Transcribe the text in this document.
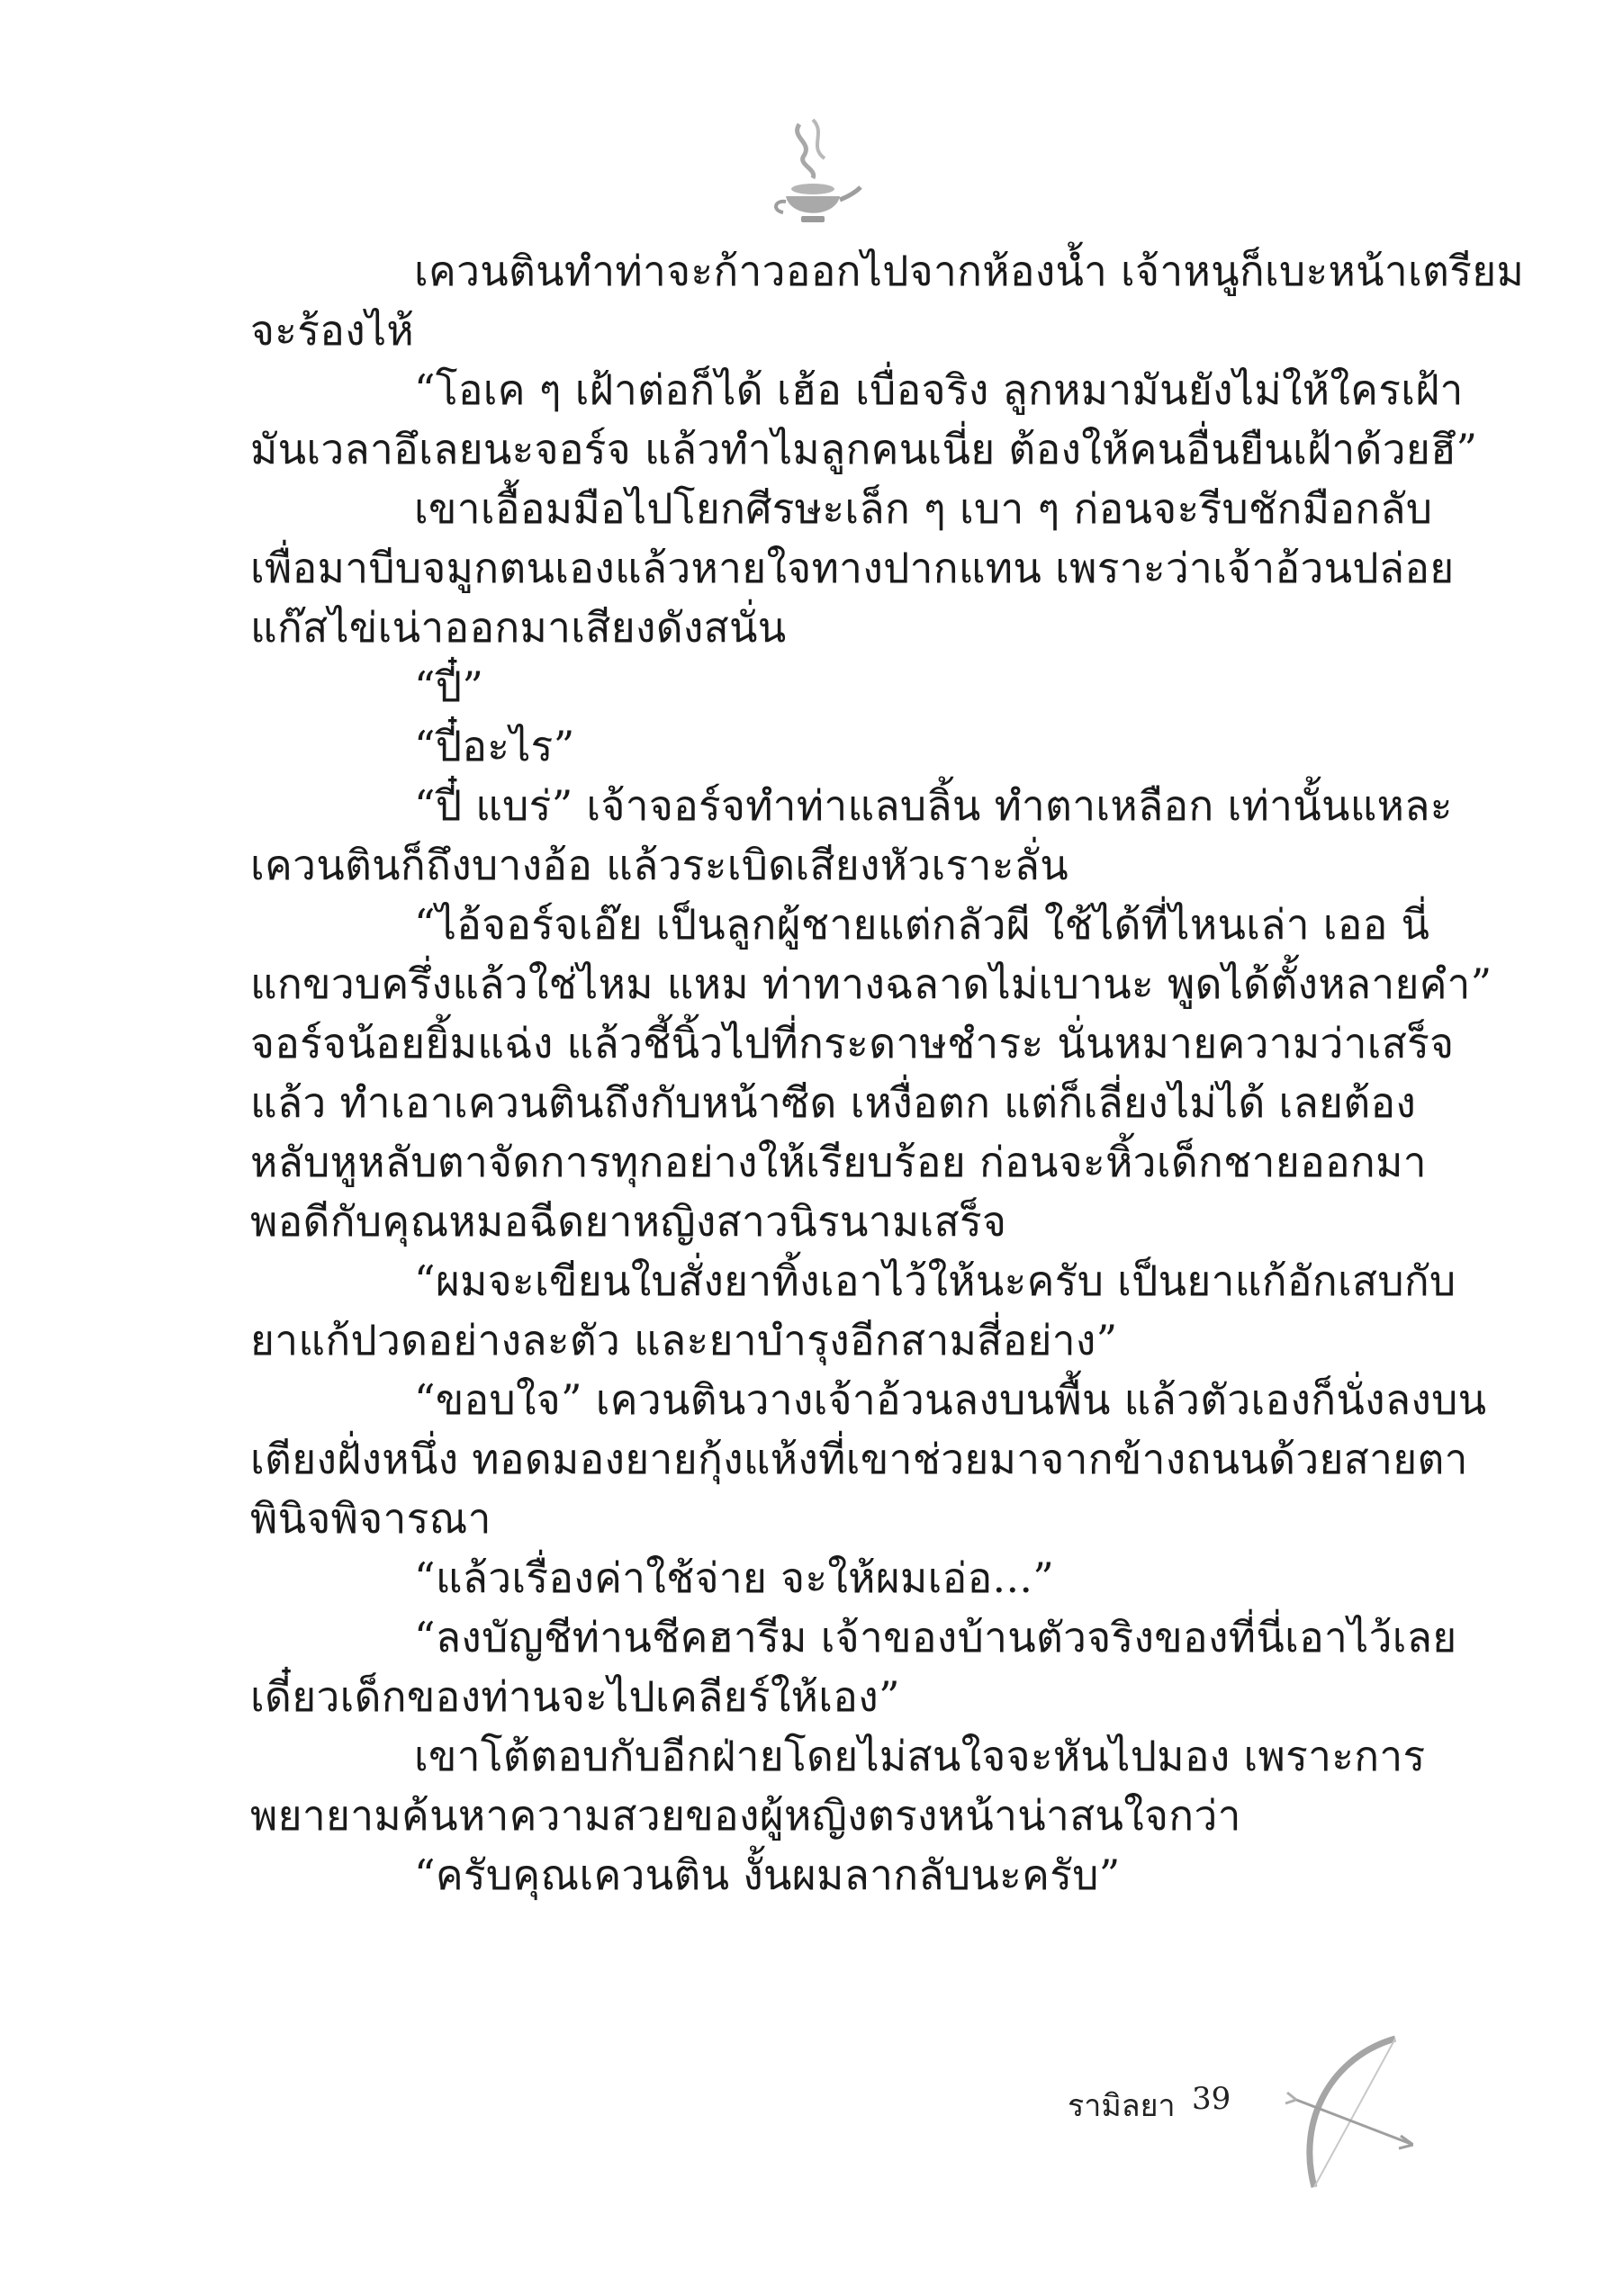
เควนตินทำท่าจะก้าวออกไปจากห้องน้ำ เจ้าหนูก็เบะหน้าเตรียม
จะร้องไห้
“โอเค ๆ เฝ้าต่อก็ได้ เฮ้อ เบื่อจริง ลูกหมามันยังไม่ให้ใครเฝ้า
มันเวลาอึเลยนะจอร์จ แล้วทำไมลูกคนเนี่ย ต้องให้คนอื่นยืนเฝ้าด้วยฮึ”
เขาเอื้อมมือไปโยกศีรษะเล็ก ๆ เบา ๆ ก่อนจะรีบชักมือกลับ
เพื่อมาบีบจมูกตนเองแล้วหายใจทางปากแทน เพราะว่าเจ้าอ้วนปล่อย
แก๊สไข่เน่าออกมาเสียงดังสนั่น
“ปี๋”
“ปี๋อะไร”
“ปี๋ แบร่” เจ้าจอร์จทำท่าแลบลิ้น ทำตาเหลือก เท่านั้นแหละ
เควนตินก็ถึงบางอ้อ แล้วระเบิดเสียงหัวเราะลั่น
“ไอ้จอร์จเอ๊ย เป็นลูกผู้ชายแต่กลัวผี ใช้ได้ที่ไหนเล่า เออ นี่
แกขวบครึ่งแล้วใช่ไหม แหม ท่าทางฉลาดไม่เบานะ พูดได้ตั้งหลายคำ”
จอร์จน้อยยิ้มแฉ่ง แล้วชี้นิ้วไปที่กระดาษชำระ นั่นหมายความว่าเสร็จ
แล้ว ทำเอาเควนตินถึงกับหน้าซีด เหงื่อตก แต่ก็เลี่ยงไม่ได้ เลยต้อง
หลับหูหลับตาจัดการทุกอย่างให้เรียบร้อย ก่อนจะหิ้วเด็กชายออกมา
พอดีกับคุณหมอฉีดยาหญิงสาวนิรนามเสร็จ
“ผมจะเขียนใบสั่งยาทิ้งเอาไว้ให้นะครับ เป็นยาแก้อักเสบกับ
ยาแก้ปวดอย่างละตัว และยาบำรุงอีกสามสี่อย่าง”
“ขอบใจ” เควนตินวางเจ้าอ้วนลงบนพื้น แล้วตัวเองก็นั่งลงบน
เตียงฝั่งหนึ่ง ทอดมองยายกุ้งแห้งที่เขาช่วยมาจากข้างถนนด้วยสายตา
พินิจพิจารณา
“แล้วเรื่องค่าใช้จ่าย จะให้ผมเอ่อ...”
“ลงบัญชีท่านชีคฮารีม เจ้าของบ้านตัวจริงของที่นี่เอาไว้เลย
เดี๋ยวเด็กของท่านจะไปเคลียร์ให้เอง”
เขาโต้ตอบกับอีกฝ่ายโดยไม่สนใจจะหันไปมอง เพราะการ
พยายามค้นหาความสวยของผู้หญิงตรงหน้าน่าสนใจกว่า
“ครับคุณเควนติน งั้นผมลากลับนะครับ”
รามิลยา 39
